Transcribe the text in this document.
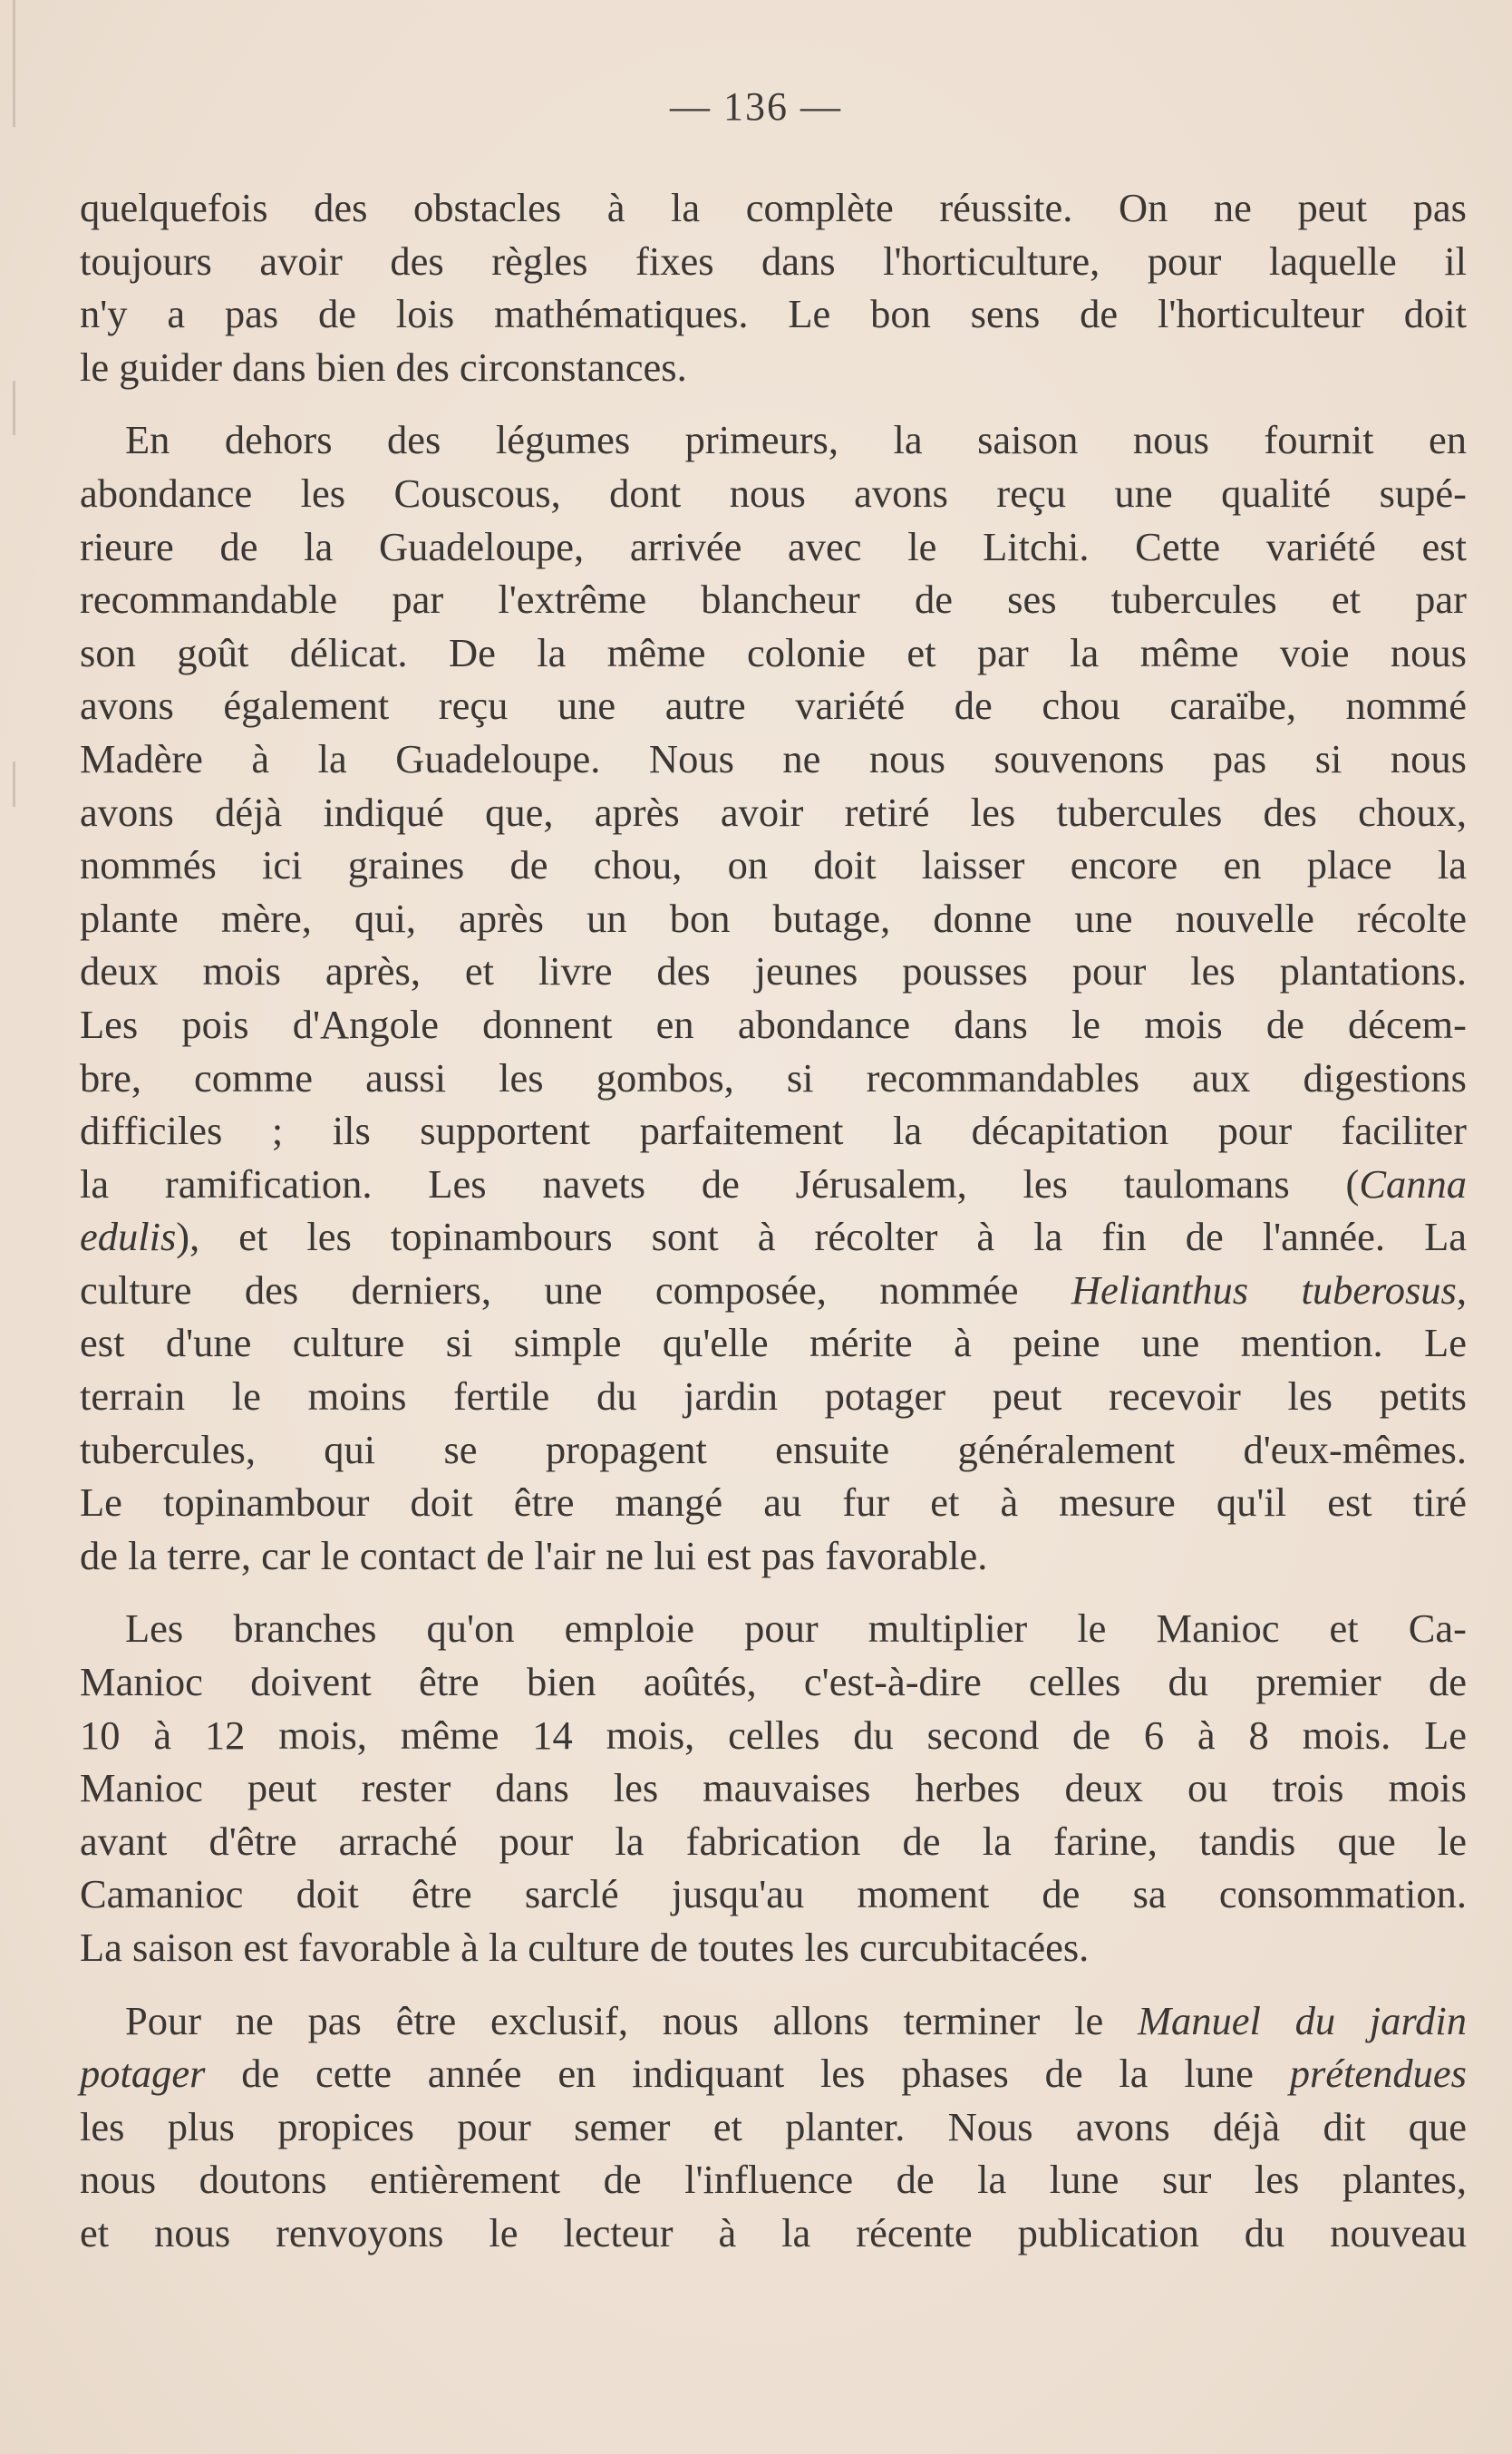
— 136 —

quelquefois des obstacles à la complète réussite. On ne peut pas
toujours avoir des règles fixes dans l'horticulture, pour laquelle il
n'y a pas de lois mathématiques. Le bon sens de l'horticulteur doit
le guider dans bien des circonstances.

En dehors des légumes primeurs, la saison nous fournit en
abondance les Couscous, dont nous avons reçu une qualité supé-
rieure de la Guadeloupe, arrivée avec le Litchi. Cette variété est
recommandable par l'extrême blancheur de ses tubercules et par
son goût délicat. De la même colonie et par la même voie nous
avons également reçu une autre variété de chou caraïbe, nommé
Madère à la Guadeloupe. Nous ne nous souvenons pas si nous
avons déjà indiqué que, après avoir retiré les tubercules des choux,
nommés ici graines de chou, on doit laisser encore en place la
plante mère, qui, après un bon butage, donne une nouvelle récolte
deux mois après, et livre des jeunes pousses pour les plantations.
Les pois d'Angole donnent en abondance dans le mois de décem-
bre, comme aussi les gombos, si recommandables aux digestions
difficiles ; ils supportent parfaitement la décapitation pour faciliter
la ramification. Les navets de Jérusalem, les taulomans (Canna
edulis), et les topinambours sont à récolter à la fin de l'année. La
culture des derniers, une composée, nommée Helianthus tuberosus,
est d'une culture si simple qu'elle mérite à peine une mention. Le
terrain le moins fertile du jardin potager peut recevoir les petits
tubercules, qui se propagent ensuite généralement d'eux-mêmes.
Le topinambour doit être mangé au fur et à mesure qu'il est tiré
de la terre, car le contact de l'air ne lui est pas favorable.

Les branches qu'on emploie pour multiplier le Manioc et Ca-
Manioc doivent être bien aoûtés, c'est-à-dire celles du premier de
10 à 12 mois, même 14 mois, celles du second de 6 à 8 mois. Le
Manioc peut rester dans les mauvaises herbes deux ou trois mois
avant d'être arraché pour la fabrication de la farine, tandis que le
Camanioc doit être sarclé jusqu'au moment de sa consommation.
La saison est favorable à la culture de toutes les curcubitacées.

Pour ne pas être exclusif, nous allons terminer le Manuel du jardin
potager de cette année en indiquant les phases de la lune prétendues
les plus propices pour semer et planter. Nous avons déjà dit que
nous doutons entièrement de l'influence de la lune sur les plantes,
et nous renvoyons le lecteur à la récente publication du nouveau
